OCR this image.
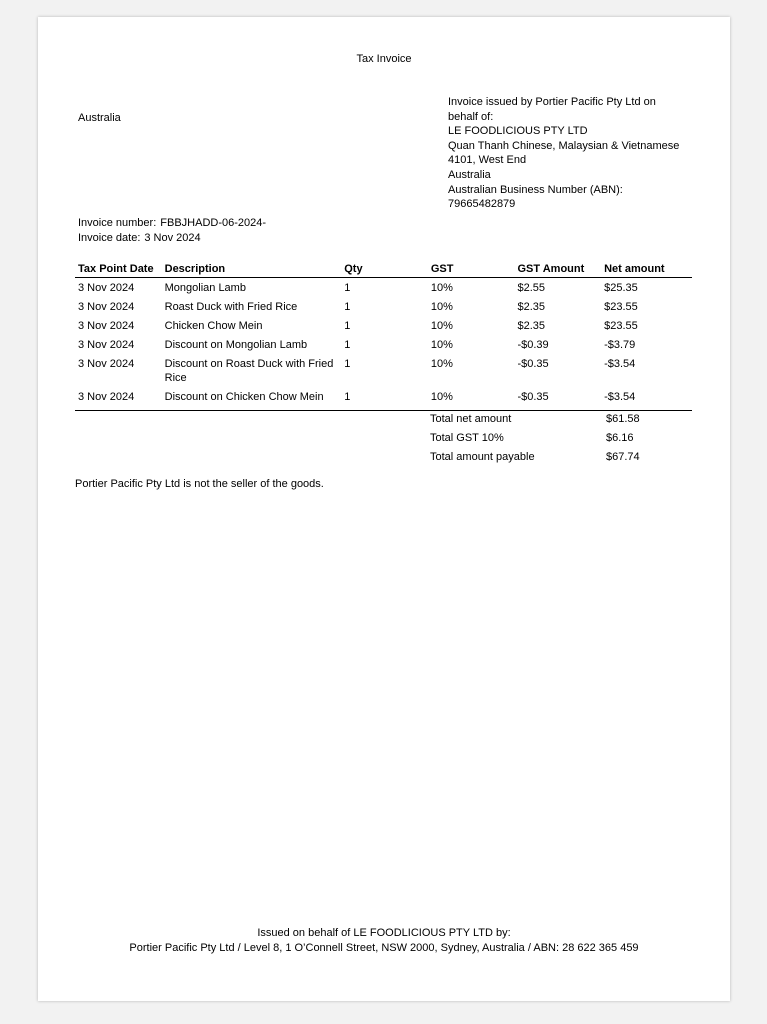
Tax Invoice
Australia
Invoice issued by Portier Pacific Pty Ltd on
behalf of:
LE FOODLICIOUS PTY LTD
Quan Thanh Chinese, Malaysian & Vietnamese
4101, West End
Australia
Australian Business Number (ABN):
79665482879
Invoice number: FBBJHADD-06-2024-
Invoice date: 3 Nov 2024
Tax Point Date	Description	Qty	GST	GST Amount	Net amount
3 Nov 2024	Mongolian Lamb	1	10%	$2.55	$25.35
3 Nov 2024	Roast Duck with Fried Rice	1	10%	$2.35	$23.55
3 Nov 2024	Chicken Chow Mein	1	10%	$2.35	$23.55
3 Nov 2024	Discount on Mongolian Lamb	1	10%	-$0.39	-$3.79
3 Nov 2024	Discount on Roast Duck with Fried Rice	1	10%	-$0.35	-$3.54
3 Nov 2024	Discount on Chicken Chow Mein	1	10%	-$0.35	-$3.54
Total net amount	$61.58
Total GST 10%	$6.16
Total amount payable	$67.74
Portier Pacific Pty Ltd is not the seller of the goods.
Issued on behalf of LE FOODLICIOUS PTY LTD by:
Portier Pacific Pty Ltd / Level 8, 1 O’Connell Street, NSW 2000, Sydney, Australia / ABN: 28 622 365 459
